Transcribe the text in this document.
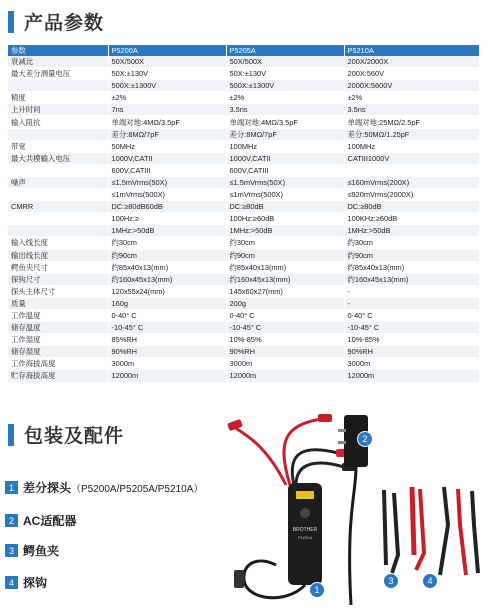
产品参数
参数	P5200A	P5205A	P5210A
衰减比	50X/500X	50X/500X	200X/2000X
最大差分测量电压	50X:±130V	50X:±130V	200X:560V
	500X:±1300V	500X:±1300V	2000X:5600V
精度	±2%	±2%	±2%
上升时间	7ns	3.5ns	3.5ns
输入阻抗	单端对地:4MΩ/3.5pF	单端对地:4MΩ/3.5pF	单端对地:25MΩ/2.5pF
	差分:8MΩ/7pF	差分:8MΩ/7pF	差分:50MΩ/1.25pF
带宽	50MHz	100MHz	100MHz
最大共模输入电压	1000V,CATII	1000V,CATII	CATIII1000V
	600V,CATIII	600V,CATIII	
噪声	≤1.5mVrms(50X)	≤1.5mVrms(50X)	≤160mVrms(200X)
	≤1mVrms(500X)	≤1mVrms(500X)	≤920mVrms(2000X)
CMRR	DC:≥80dB60dB	DC:≥80dB	DC:≥80dB
	100Hz:≥	100Hz:≥60dB	100KHz:≥60dB
	1MHz:>50dB	1MHz:>50dB	1MHz:>50dB
输入线长度	约30cm	约30cm	约30cm
输出线长度	约90cm	约90cm	约90cm
鳄鱼夹尺寸	约85x40x13(mm)	约85x40x13(mm)	约85x40x13(mm)
探钩尺寸	约160x45x13(mm)	约160x45x13(mm)	约160x45x13(mm)
探头主体尺寸	120x55x24(mm)	145x60x27(mm)	-
质量	160g	200g	-
工作温度	0-40° C	0-40° C	0-40° C
储存温度	-10-45° C	-10-45° C	-10-45° C
工作湿度	85%RH	10%-85%	10%-85%
储存湿度	90%RH	90%RH	90%RH
工作海拔高度	3000m	3000m	3000m
贮存海拔高度	12000m	12000m	12000m
包装及配件
1 差分探头 （P5200A/P5205A/P5210A）
2 AC适配器
3 鳄鱼夹
4 探钩
BROTHER
P5200A
1
2
3	4
